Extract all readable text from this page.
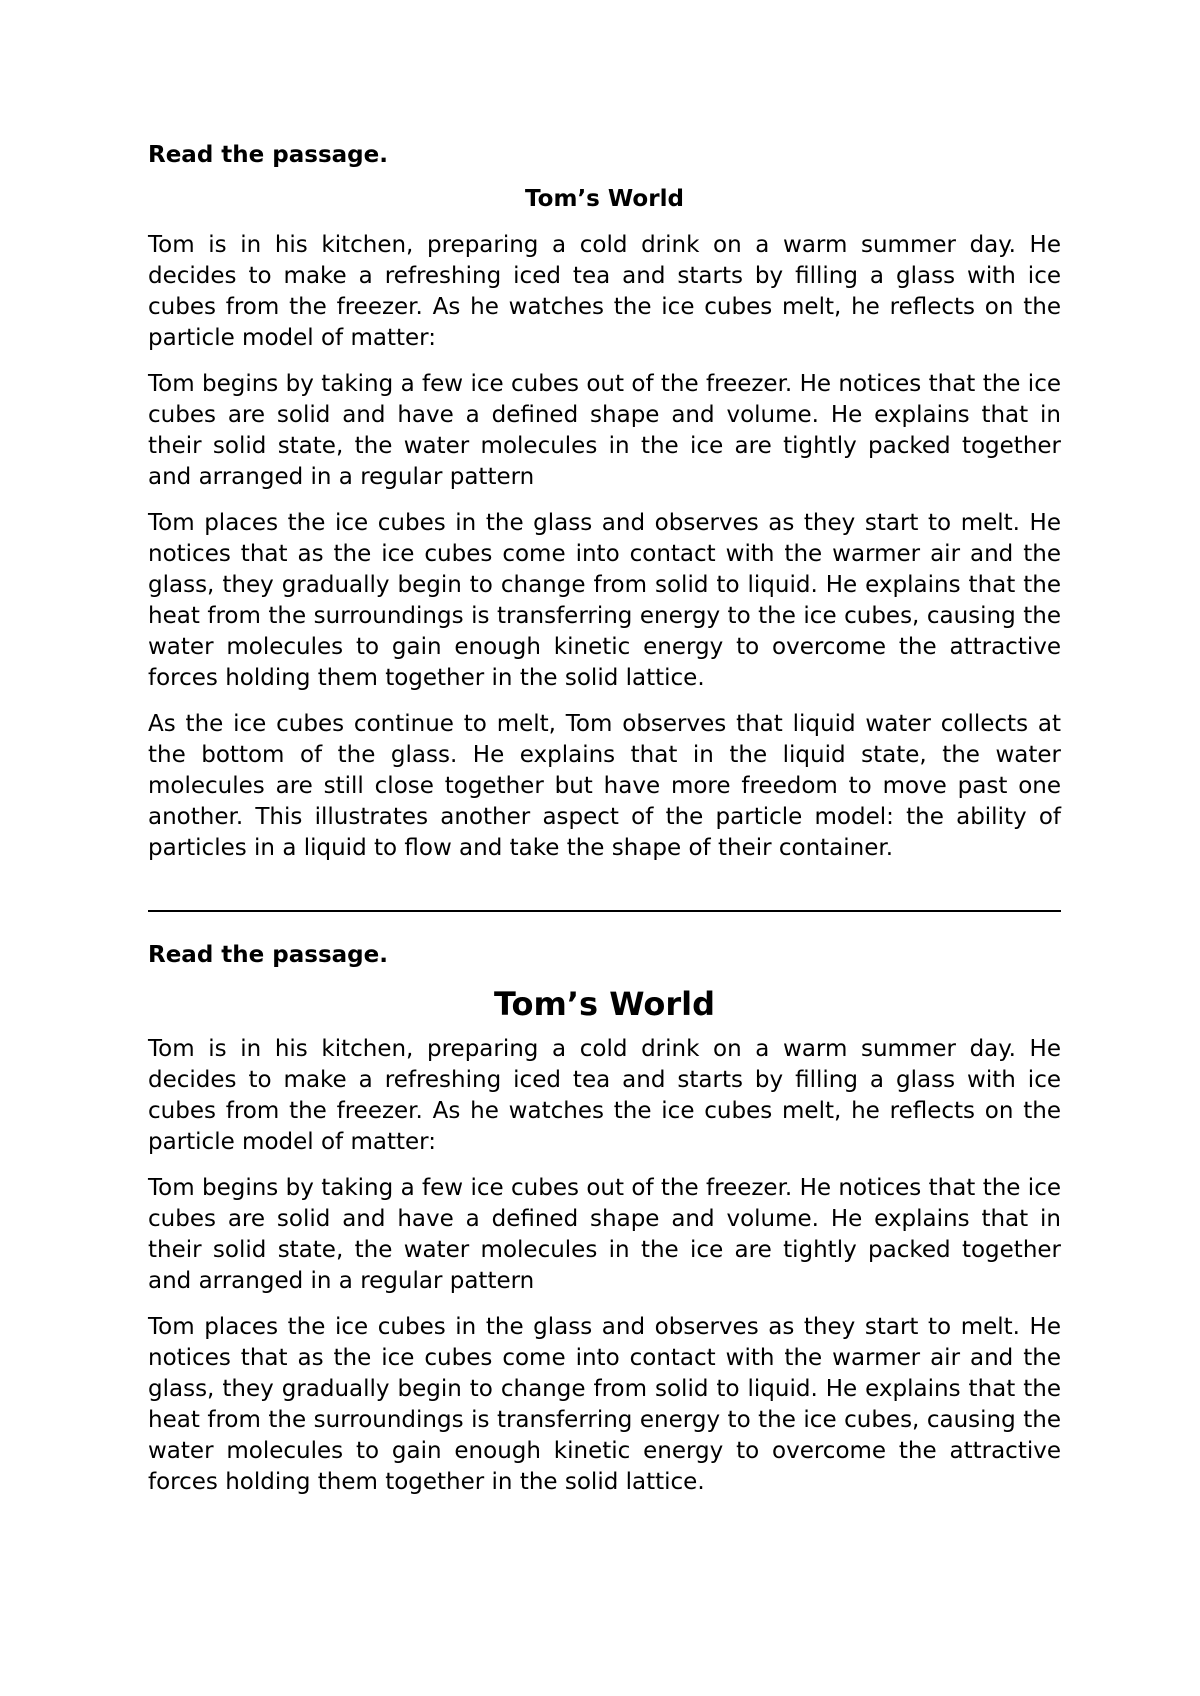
Read the passage.

Tom’s World

Tom is in his kitchen, preparing a cold drink on a warm summer day. He decides to make a refreshing iced tea and starts by filling a glass with ice cubes from the freezer. As he watches the ice cubes melt, he reflects on the particle model of matter:

Tom begins by taking a few ice cubes out of the freezer. He notices that the ice cubes are solid and have a defined shape and volume. He explains that in their solid state, the water molecules in the ice are tightly packed together and arranged in a regular pattern

Tom places the ice cubes in the glass and observes as they start to melt. He notices that as the ice cubes come into contact with the warmer air and the glass, they gradually begin to change from solid to liquid. He explains that the heat from the surroundings is transferring energy to the ice cubes, causing the water molecules to gain enough kinetic energy to overcome the attractive forces holding them together in the solid lattice.

As the ice cubes continue to melt, Tom observes that liquid water collects at the bottom of the glass. He explains that in the liquid state, the water molecules are still close together but have more freedom to move past one another. This illustrates another aspect of the particle model: the ability of particles in a liquid to flow and take the shape of their container.

Read the passage.

Tom’s World

Tom is in his kitchen, preparing a cold drink on a warm summer day. He decides to make a refreshing iced tea and starts by filling a glass with ice cubes from the freezer. As he watches the ice cubes melt, he reflects on the particle model of matter:

Tom begins by taking a few ice cubes out of the freezer. He notices that the ice cubes are solid and have a defined shape and volume. He explains that in their solid state, the water molecules in the ice are tightly packed together and arranged in a regular pattern

Tom places the ice cubes in the glass and observes as they start to melt. He notices that as the ice cubes come into contact with the warmer air and the glass, they gradually begin to change from solid to liquid. He explains that the heat from the surroundings is transferring energy to the ice cubes, causing the water molecules to gain enough kinetic energy to overcome the attractive forces holding them together in the solid lattice.
